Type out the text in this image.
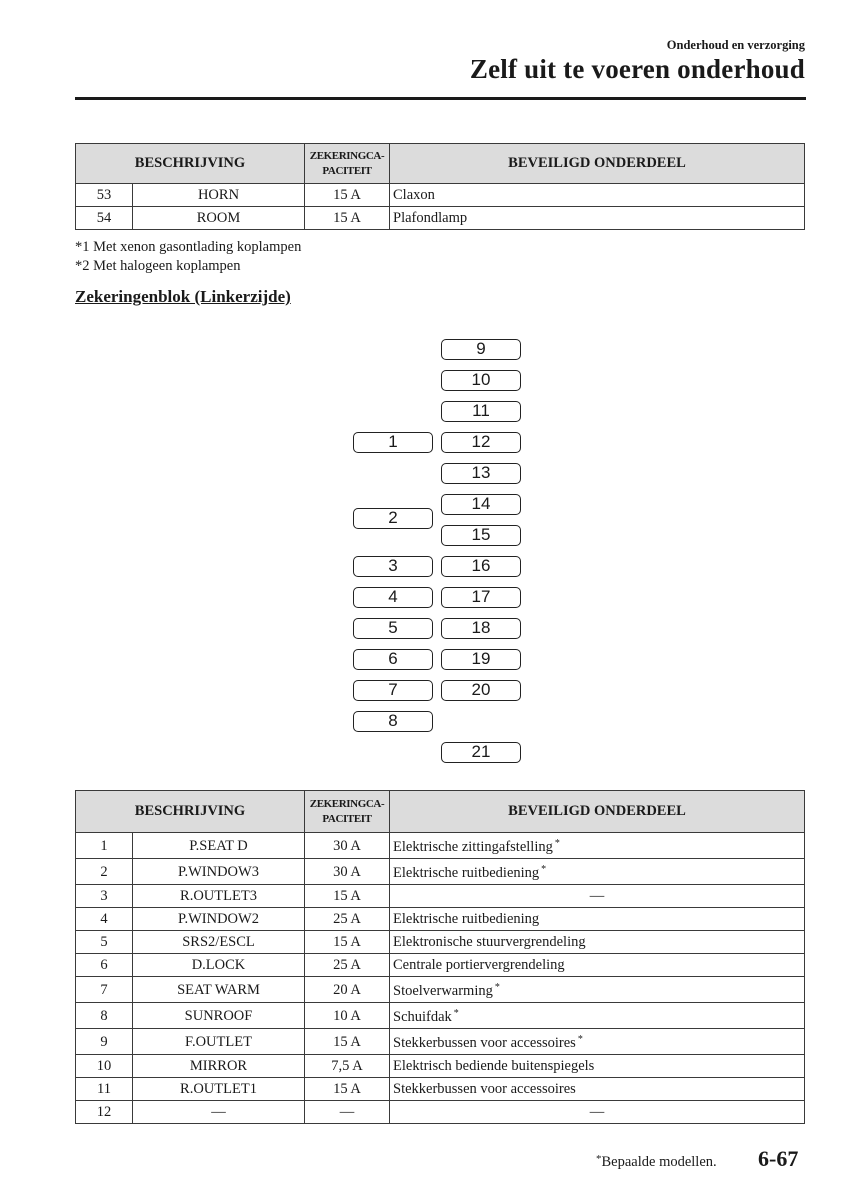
Onderhoud en verzorging
Zelf uit te voeren onderhoud
BESCHRIJVING		ZEKERINGCA-
PACITEIT	BEVEILIGD ONDERDEEL
53	HORN	15 A	Claxon
54	ROOM	15 A	Plafondlamp
*1 Met xenon gasontlading koplampen
*2 Met halogeen koplampen
Zekeringenblok (Linkerzijde)
1
2
3
4
5
6
7
8
9
10
11
12
13
14
15
16
17
18
19
20
21
BESCHRIJVING		ZEKERINGCA-
PACITEIT	BEVEILIGD ONDERDEEL
1	P.SEAT D	30 A	Elektrische zittingafstelling *
2	P.WINDOW3	30 A	Elektrische ruitbediening *
3	R.OUTLET3	15 A	—
4	P.WINDOW2	25 A	Elektrische ruitbediening
5	SRS2/ESCL	15 A	Elektronische stuurvergrendeling
6	D.LOCK	25 A	Centrale portiervergrendeling
7	SEAT WARM	20 A	Stoelverwarming *
8	SUNROOF	10 A	Schuifdak *
9	F.OUTLET	15 A	Stekkerbussen voor accessoires *
10	MIRROR	7,5 A	Elektrisch bediende buitenspiegels
11	R.OUTLET1	15 A	Stekkerbussen voor accessoires
12	—	—	—
*Bepaalde modellen. 6-67
